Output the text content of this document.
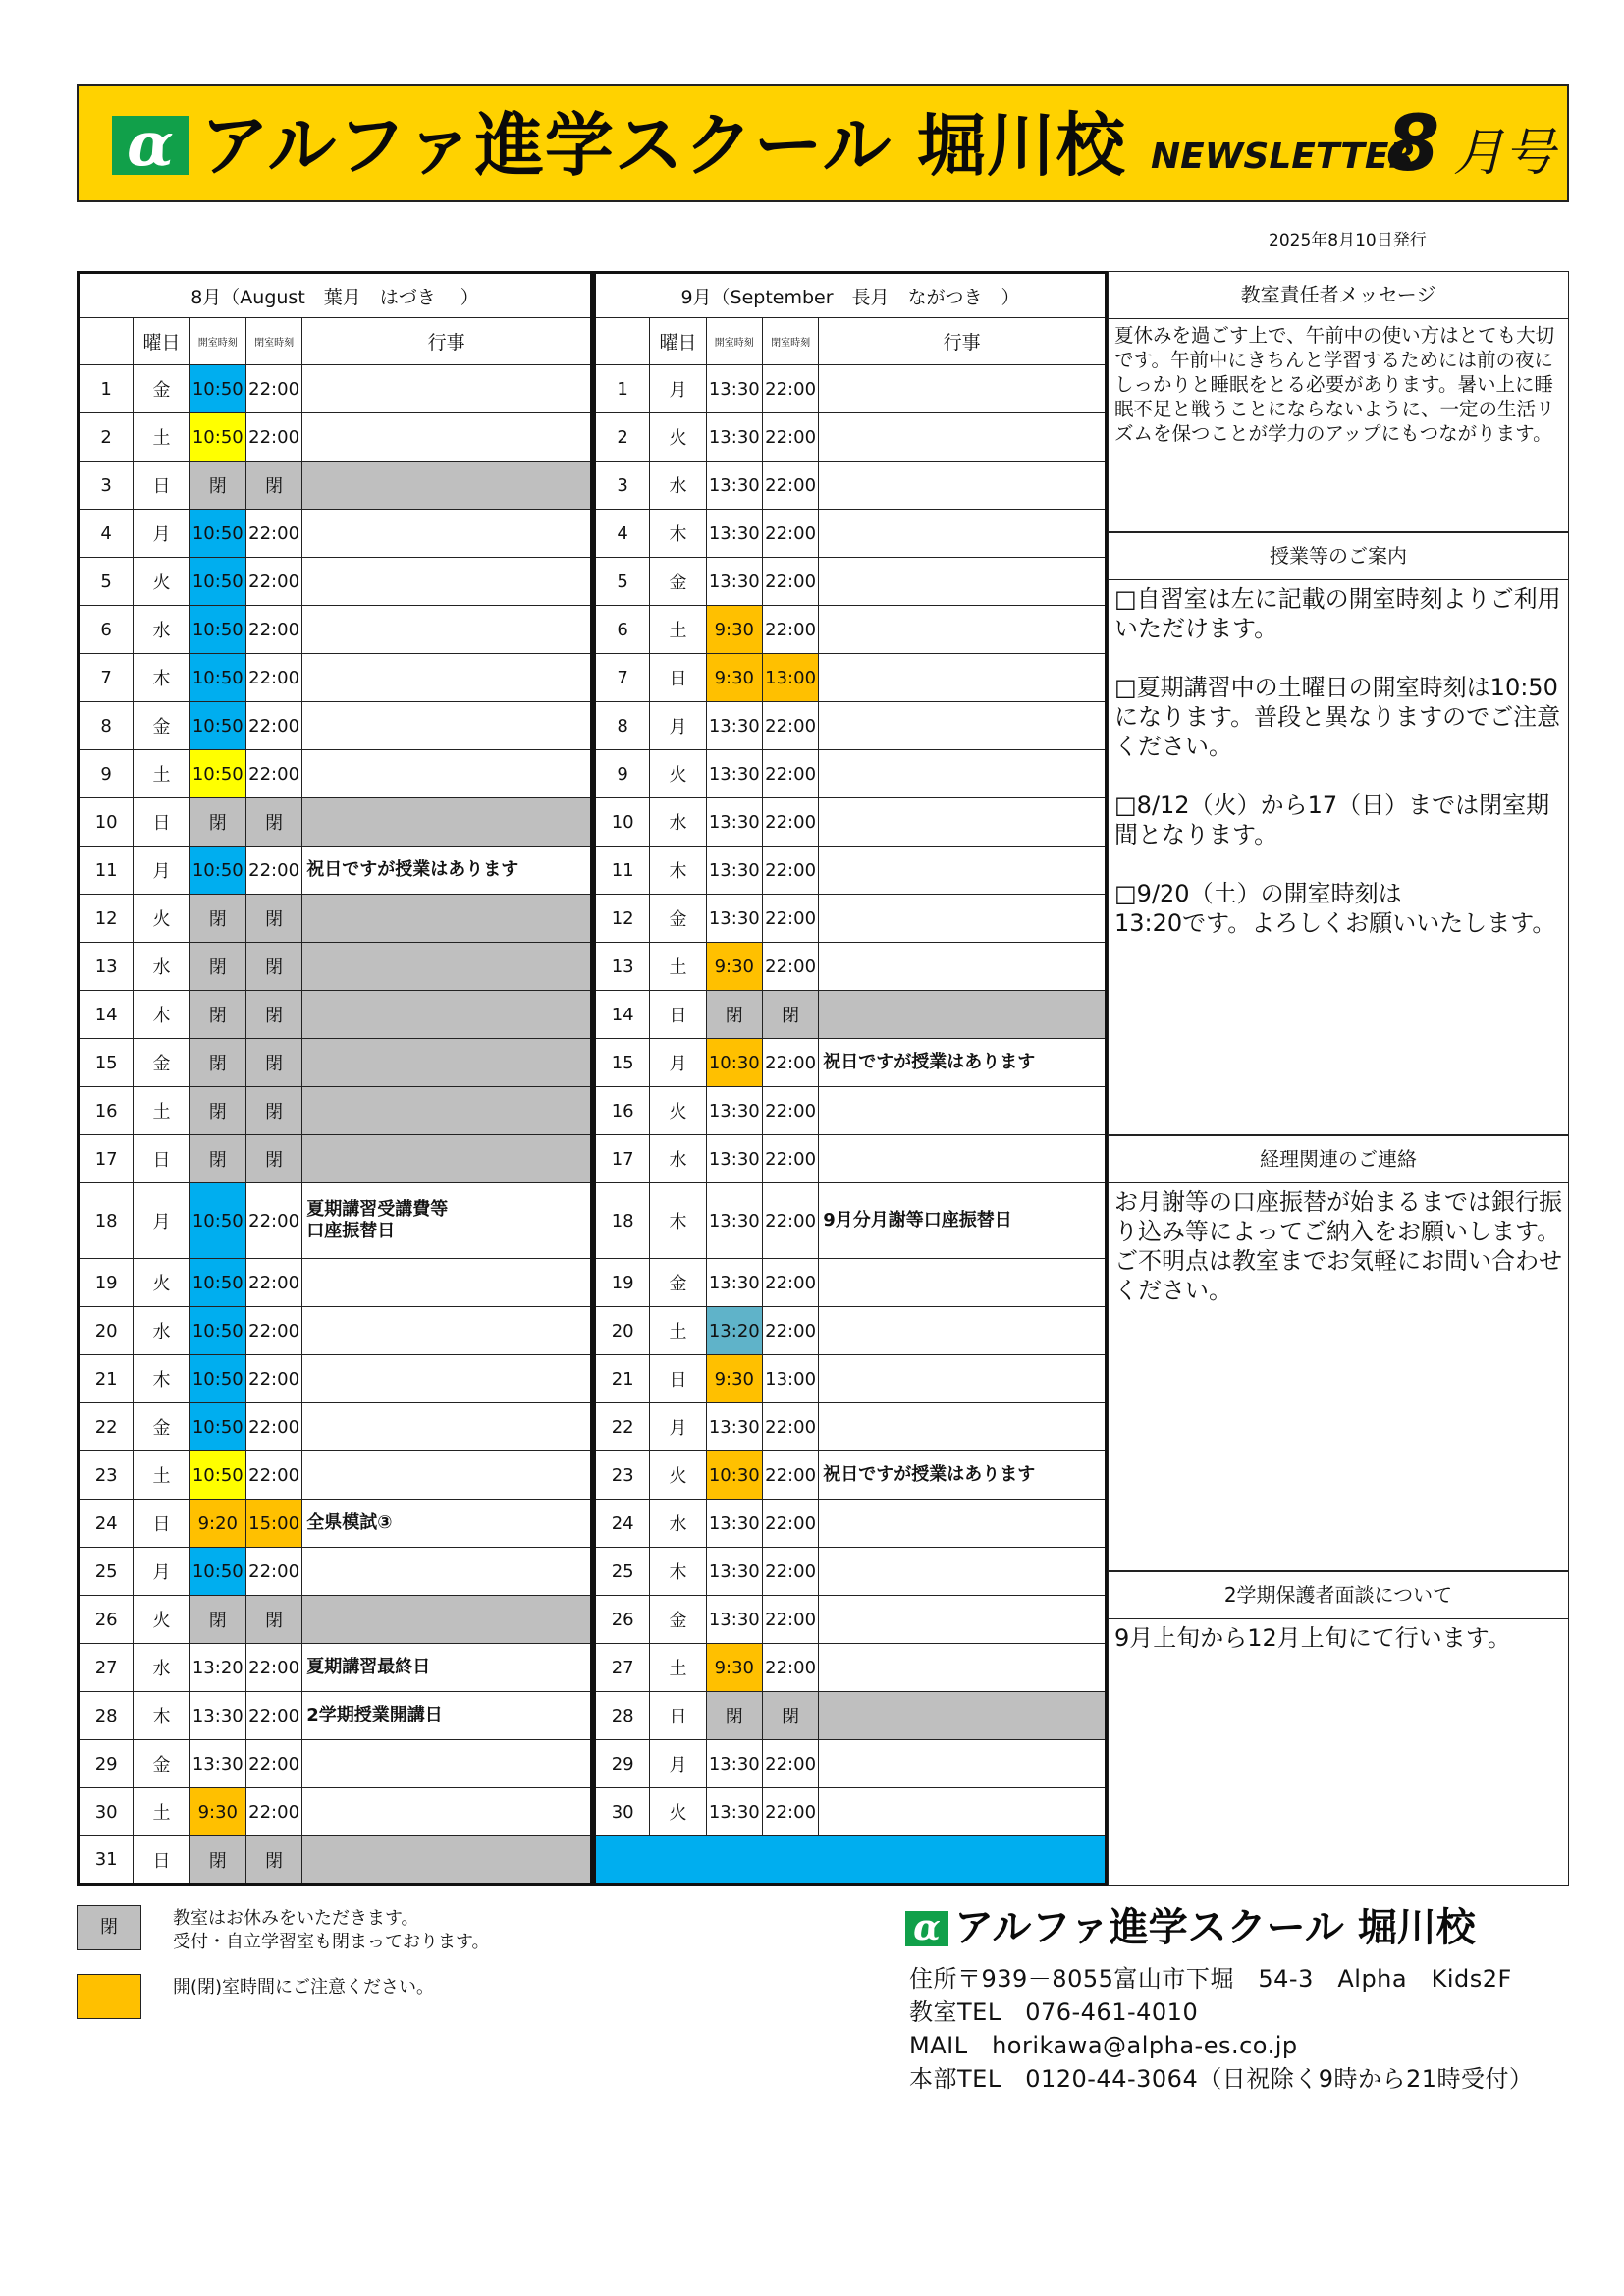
α アルファ進学スクール 堀川校 NEWSLETTER
8 月号
2025年8月10日発行
8月（August　葉月　はづき　 ）				
	曜日	開室時刻	閉室時刻	行事
1	金	10:50	22:00	
2	土	10:50	22:00	
3	日	閉	閉	
4	月	10:50	22:00	
5	火	10:50	22:00	
6	水	10:50	22:00	
7	木	10:50	22:00	
8	金	10:50	22:00	
9	土	10:50	22:00	
10	日	閉	閉	
11	月	10:50	22:00	祝日ですが授業はあります
12	火	閉	閉	
13	水	閉	閉	
14	木	閉	閉	
15	金	閉	閉	
16	土	閉	閉	
17	日	閉	閉	
18	月	10:50	22:00	夏期講習受講費等
口座振替日
19	火	10:50	22:00	
20	水	10:50	22:00	
21	木	10:50	22:00	
22	金	10:50	22:00	
23	土	10:50	22:00	
24	日	9:20	15:00	全県模試③
25	月	10:50	22:00	
26	火	閉	閉	
27	水	13:20	22:00	夏期講習最終日
28	木	13:30	22:00	2学期授業開講日
29	金	13:30	22:00	
30	土	9:30	22:00	
31	日	閉	閉	
9月（September　長月　ながつき　）				
	曜日	開室時刻	閉室時刻	行事
1	月	13:30	22:00	
2	火	13:30	22:00	
3	水	13:30	22:00	
4	木	13:30	22:00	
5	金	13:30	22:00	
6	土	9:30	22:00	
7	日	9:30	13:00	
8	月	13:30	22:00	
9	火	13:30	22:00	
10	水	13:30	22:00	
11	木	13:30	22:00	
12	金	13:30	22:00	
13	土	9:30	22:00	
14	日	閉	閉	
15	月	10:30	22:00	祝日ですが授業はあります
16	火	13:30	22:00	
17	水	13:30	22:00	
18	木	13:30	22:00	9月分月謝等口座振替日
19	金	13:30	22:00	
20	土	13:20	22:00	
21	日	9:30	13:00	
22	月	13:30	22:00	
23	火	10:30	22:00	祝日ですが授業はあります
24	水	13:30	22:00	
25	木	13:30	22:00	
26	金	13:30	22:00	
27	土	9:30	22:00	
28	日	閉	閉	
29	月	13:30	22:00	
30	火	13:30	22:00	

教室責任者メッセージ
夏休みを過ごす上で、午前中の使い方はとても大切です。午前中にきちんと学習するためには前の夜にしっかりと睡眠をとる必要があります。暑い上に睡眠不足と戦うことにならないように、一定の生活リズムを保つことが学力のアップにもつながります。
授業等のご案内
□自習室は左に記載の開室時刻よりご利用いただけます。

□夏期講習中の土曜日の開室時刻は10:50になります。普段と異なりますのでご注意ください。

□8/12（火）から17（日）までは閉室期間となります。

□9/20（土）の開室時刻は
13:20です。よろしくお願いいたします。
経理関連のご連絡
お月謝等の口座振替が始まるまでは銀行振り込み等によってご納入をお願いします。ご不明点は教室までお気軽にお問い合わせください。
2学期保護者面談について
9月上旬から12月上旬にて行います。
閉	教室はお休みをいただきます。
受付・自立学習室も閉まっております。
開(閉)室時間にご注意ください。
α アルファ進学スクール 堀川校
住所〒939－8055富山市下堀　54-3　Alpha　Kids2F
教室TEL　076-461-4010
MAIL　horikawa@alpha-es.co.jp
本部TEL　0120-44-3064（日祝除く9時から21時受付）
